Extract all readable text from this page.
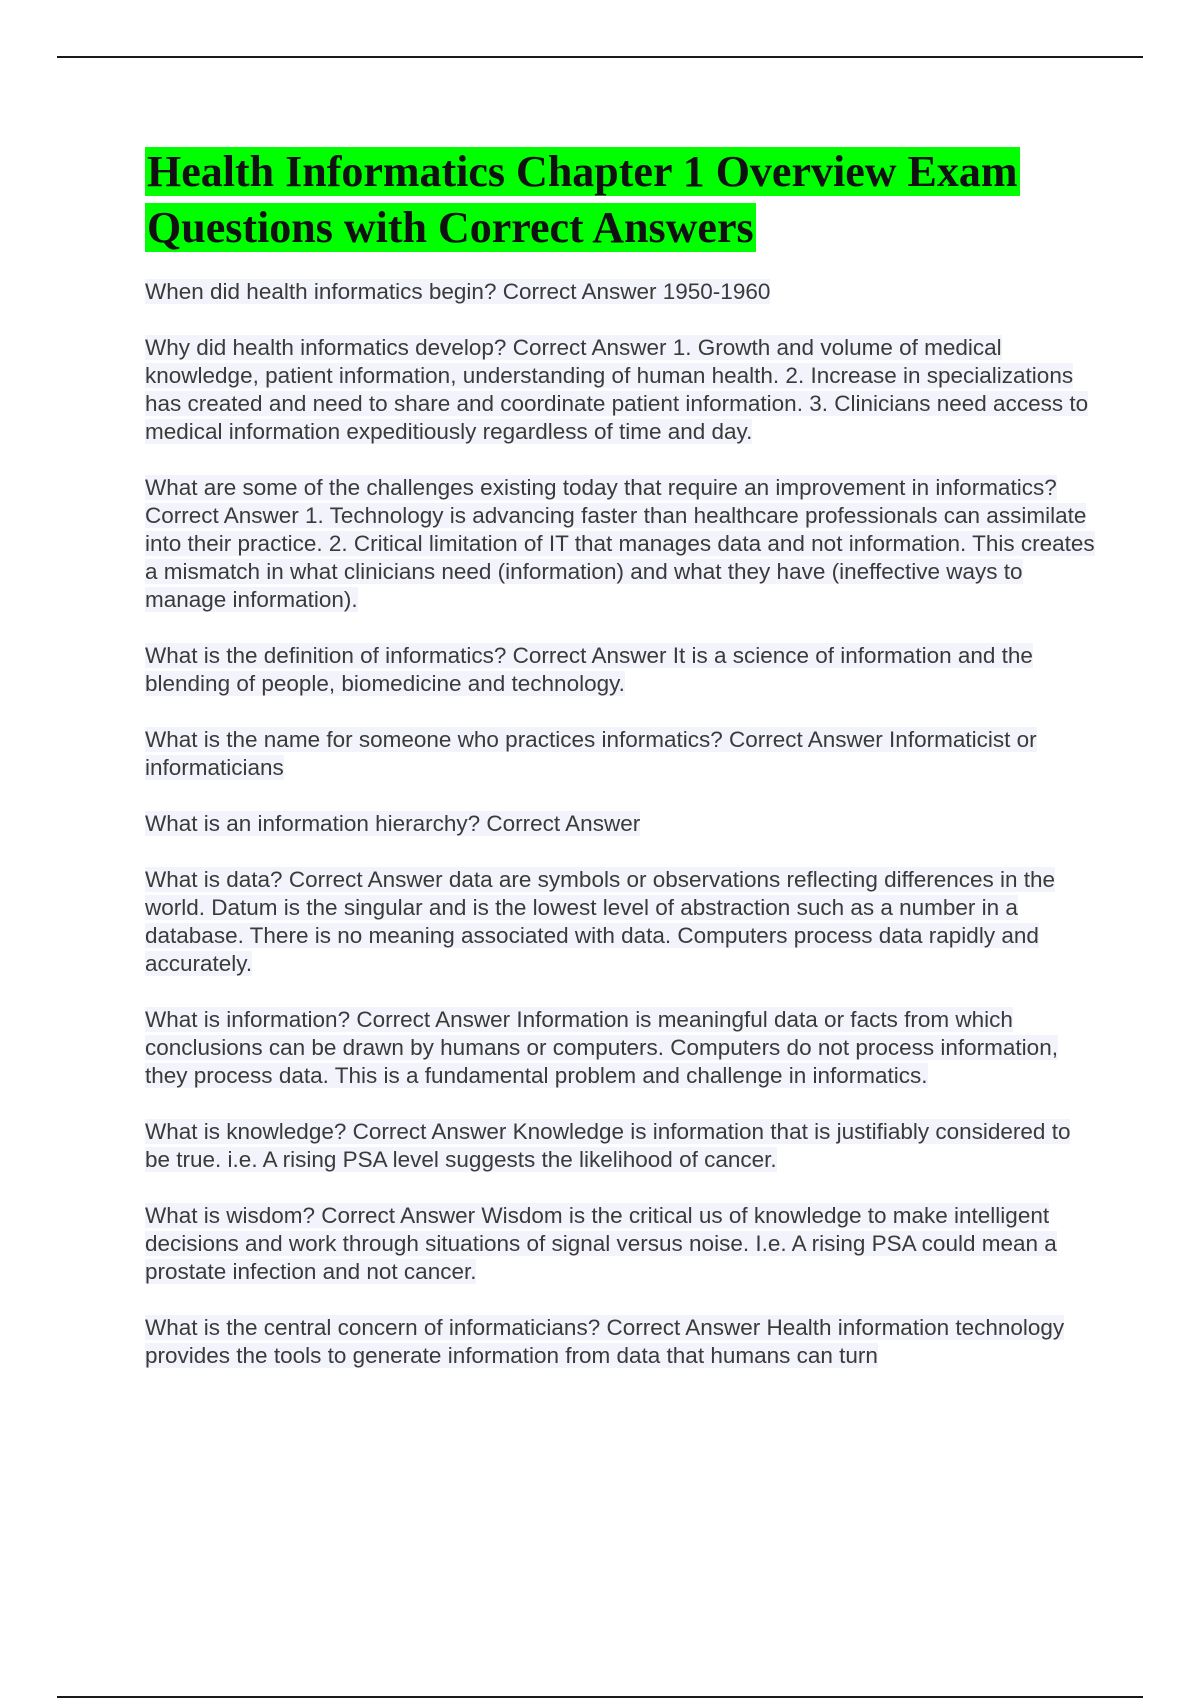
Health Informatics Chapter 1 Overview Exam Questions with Correct Answers

When did health informatics begin? Correct Answer 1950-1960

Why did health informatics develop? Correct Answer 1. Growth and volume of medical knowledge, patient information, understanding of human health. 2. Increase in specializations has created and need to share and coordinate patient information. 3. Clinicians need access to medical information expeditiously regardless of time and day.

What are some of the challenges existing today that require an improvement in informatics? Correct Answer 1. Technology is advancing faster than healthcare professionals can assimilate into their practice. 2. Critical limitation of IT that manages data and not information. This creates a mismatch in what clinicians need (information) and what they have (ineffective ways to manage information).

What is the definition of informatics? Correct Answer It is a science of information and the blending of people, biomedicine and technology.

What is the name for someone who practices informatics? Correct Answer Informaticist or informaticians

What is an information hierarchy? Correct Answer

What is data? Correct Answer data are symbols or observations reflecting differences in the world. Datum is the singular and is the lowest level of abstraction such as a number in a database. There is no meaning associated with data. Computers process data rapidly and accurately.

What is information? Correct Answer Information is meaningful data or facts from which conclusions can be drawn by humans or computers. Computers do not process information, they process data. This is a fundamental problem and challenge in informatics.

What is knowledge? Correct Answer Knowledge is information that is justifiably considered to be true. i.e. A rising PSA level suggests the likelihood of cancer.

What is wisdom? Correct Answer Wisdom is the critical us of knowledge to make intelligent decisions and work through situations of signal versus noise. I.e. A rising PSA could mean a prostate infection and not cancer.

What is the central concern of informaticians? Correct Answer Health information technology provides the tools to generate information from data that humans can turn
